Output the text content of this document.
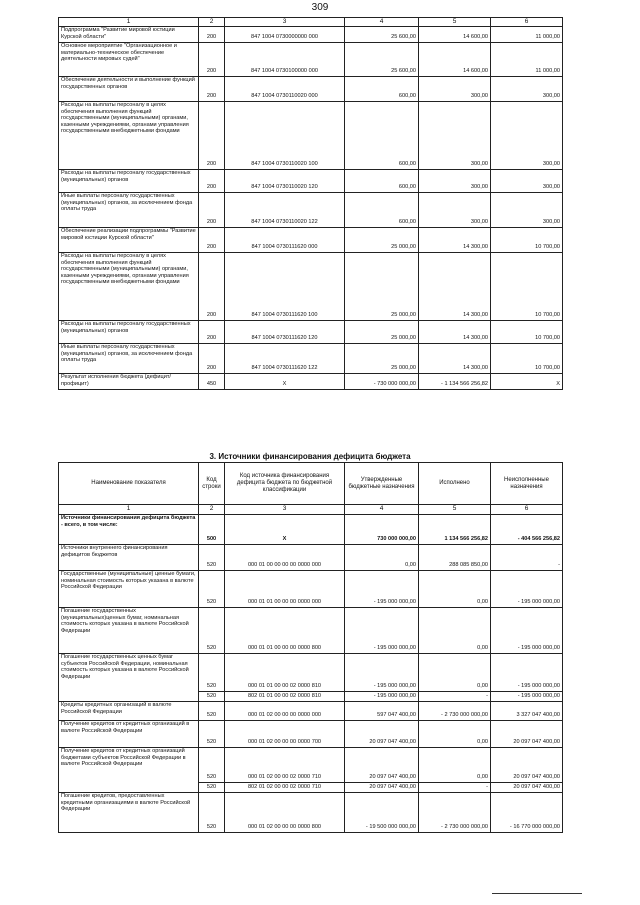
309
1	2	3	4	5	6
Подпрограмма "Развитие мировой юстиции Курской области"	200	847 1004 0730000000 000	25 600,00	14 600,00	11 000,00
Основное мероприятие "Организационное и материально-техническое обеспечение деятельности мировых судей"	200	847 1004 0730100000 000	25 600,00	14 600,00	11 000,00
Обеспечение деятельности и выполнение функций государственных органов	200	847 1004 0730110020 000	600,00	300,00	300,00
Расходы на выплаты персоналу в целях обеспечения выполнения функций государственными (муниципальными) органами, казенными учреждениями, органами управления государственными внебюджетными фондами	200	847 1004 0730110020 100	600,00	300,00	300,00
Расходы на выплаты персоналу государственных (муниципальных) органов	200	847 1004 0730110020 120	600,00	300,00	300,00
Иные выплаты персоналу государственных (муниципальных) органов, за исключением фонда оплаты труда	200	847 1004 0730110020 122	600,00	300,00	300,00
Обеспечение реализации подпрограммы "Развитие мировой юстиции Курской области"	200	847 1004 0730111620 000	25 000,00	14 300,00	10 700,00
Расходы на выплаты персоналу в целях обеспечения выполнения функций государственными (муниципальными) органами, казенными учреждениями, органами управления государственными внебюджетными фондами	200	847 1004 0730111620 100	25 000,00	14 300,00	10 700,00
Расходы на выплаты персоналу государственных (муниципальных) органов	200	847 1004 0730111620 120	25 000,00	14 300,00	10 700,00
Иные выплаты персоналу государственных (муниципальных) органов, за исключением фонда оплаты труда	200	847 1004 0730111620 122	25 000,00	14 300,00	10 700,00
Результат исполнения бюджета (дефицит/профицит)	450	Х	- 730 000 000,00	- 1 134 566 256,82	Х
3. Источники финансирования дефицита бюджета
Наименование показателя	Код строки	Код источника финансирования дефицита бюджета по бюджетной классификации	Утвержденные бюджетные назначения	Исполнено	Неисполненные назначения
1	2	3	4	5	6
Источники финансирования дефицита бюджета - всего, в том числе:	500	Х	730 000 000,00	1 134 566 256,82	- 404 566 256,82
Источники внутреннего финансирования дефицитов бюджетов	520	000 01 00 00 00 00 0000 000	0,00	288 085 850,00	-
Государственные (муниципальные) ценные бумаги, номинальная стоимость которых указана в валюте Российской Федерации	520	000 01 01 00 00 00 0000 000	- 195 000 000,00	0,00	- 195 000 000,00
Погашение государственных (муниципальных)ценных бумаг, номинальная стоимость которых указана в валюте Российской Федерации	520	000 01 01 00 00 00 0000 800	- 195 000 000,00	0,00	- 195 000 000,00
Погашение государственных ценных бумаг субъектов Российской Федерации, номинальная стоимость которых указана в валюте Российской Федерации	520	000 01 01 00 00 02 0000 810	- 195 000 000,00	0,00	- 195 000 000,00
	520	802 01 01 00 00 02 0000 810	- 195 000 000,00	-	- 195 000 000,00
Кредиты кредитных организаций в валюте Российской Федерации	520	000 01 02 00 00 00 0000 000	597 047 400,00	- 2 730 000 000,00	3 327 047 400,00
Получение кредитов от кредитных организаций в валюте Российской Федерации	520	000 01 02 00 00 00 0000 700	20 097 047 400,00	0,00	20 097 047 400,00
Получение кредитов от кредитных организаций бюджетами субъектов Российской Федерации в валюте Российской Федерации	520	000 01 02 00 00 02 0000 710	20 097 047 400,00	0,00	20 097 047 400,00
	520	802 01 02 00 00 02 0000 710	20 097 047 400,00	-	20 097 047 400,00
Погашение кредитов, предоставленных кредитными организациями в валюте Российской Федерации	520	000 01 02 00 00 00 0000 800	- 19 500 000 000,00	- 2 730 000 000,00	- 16 770 000 000,00
